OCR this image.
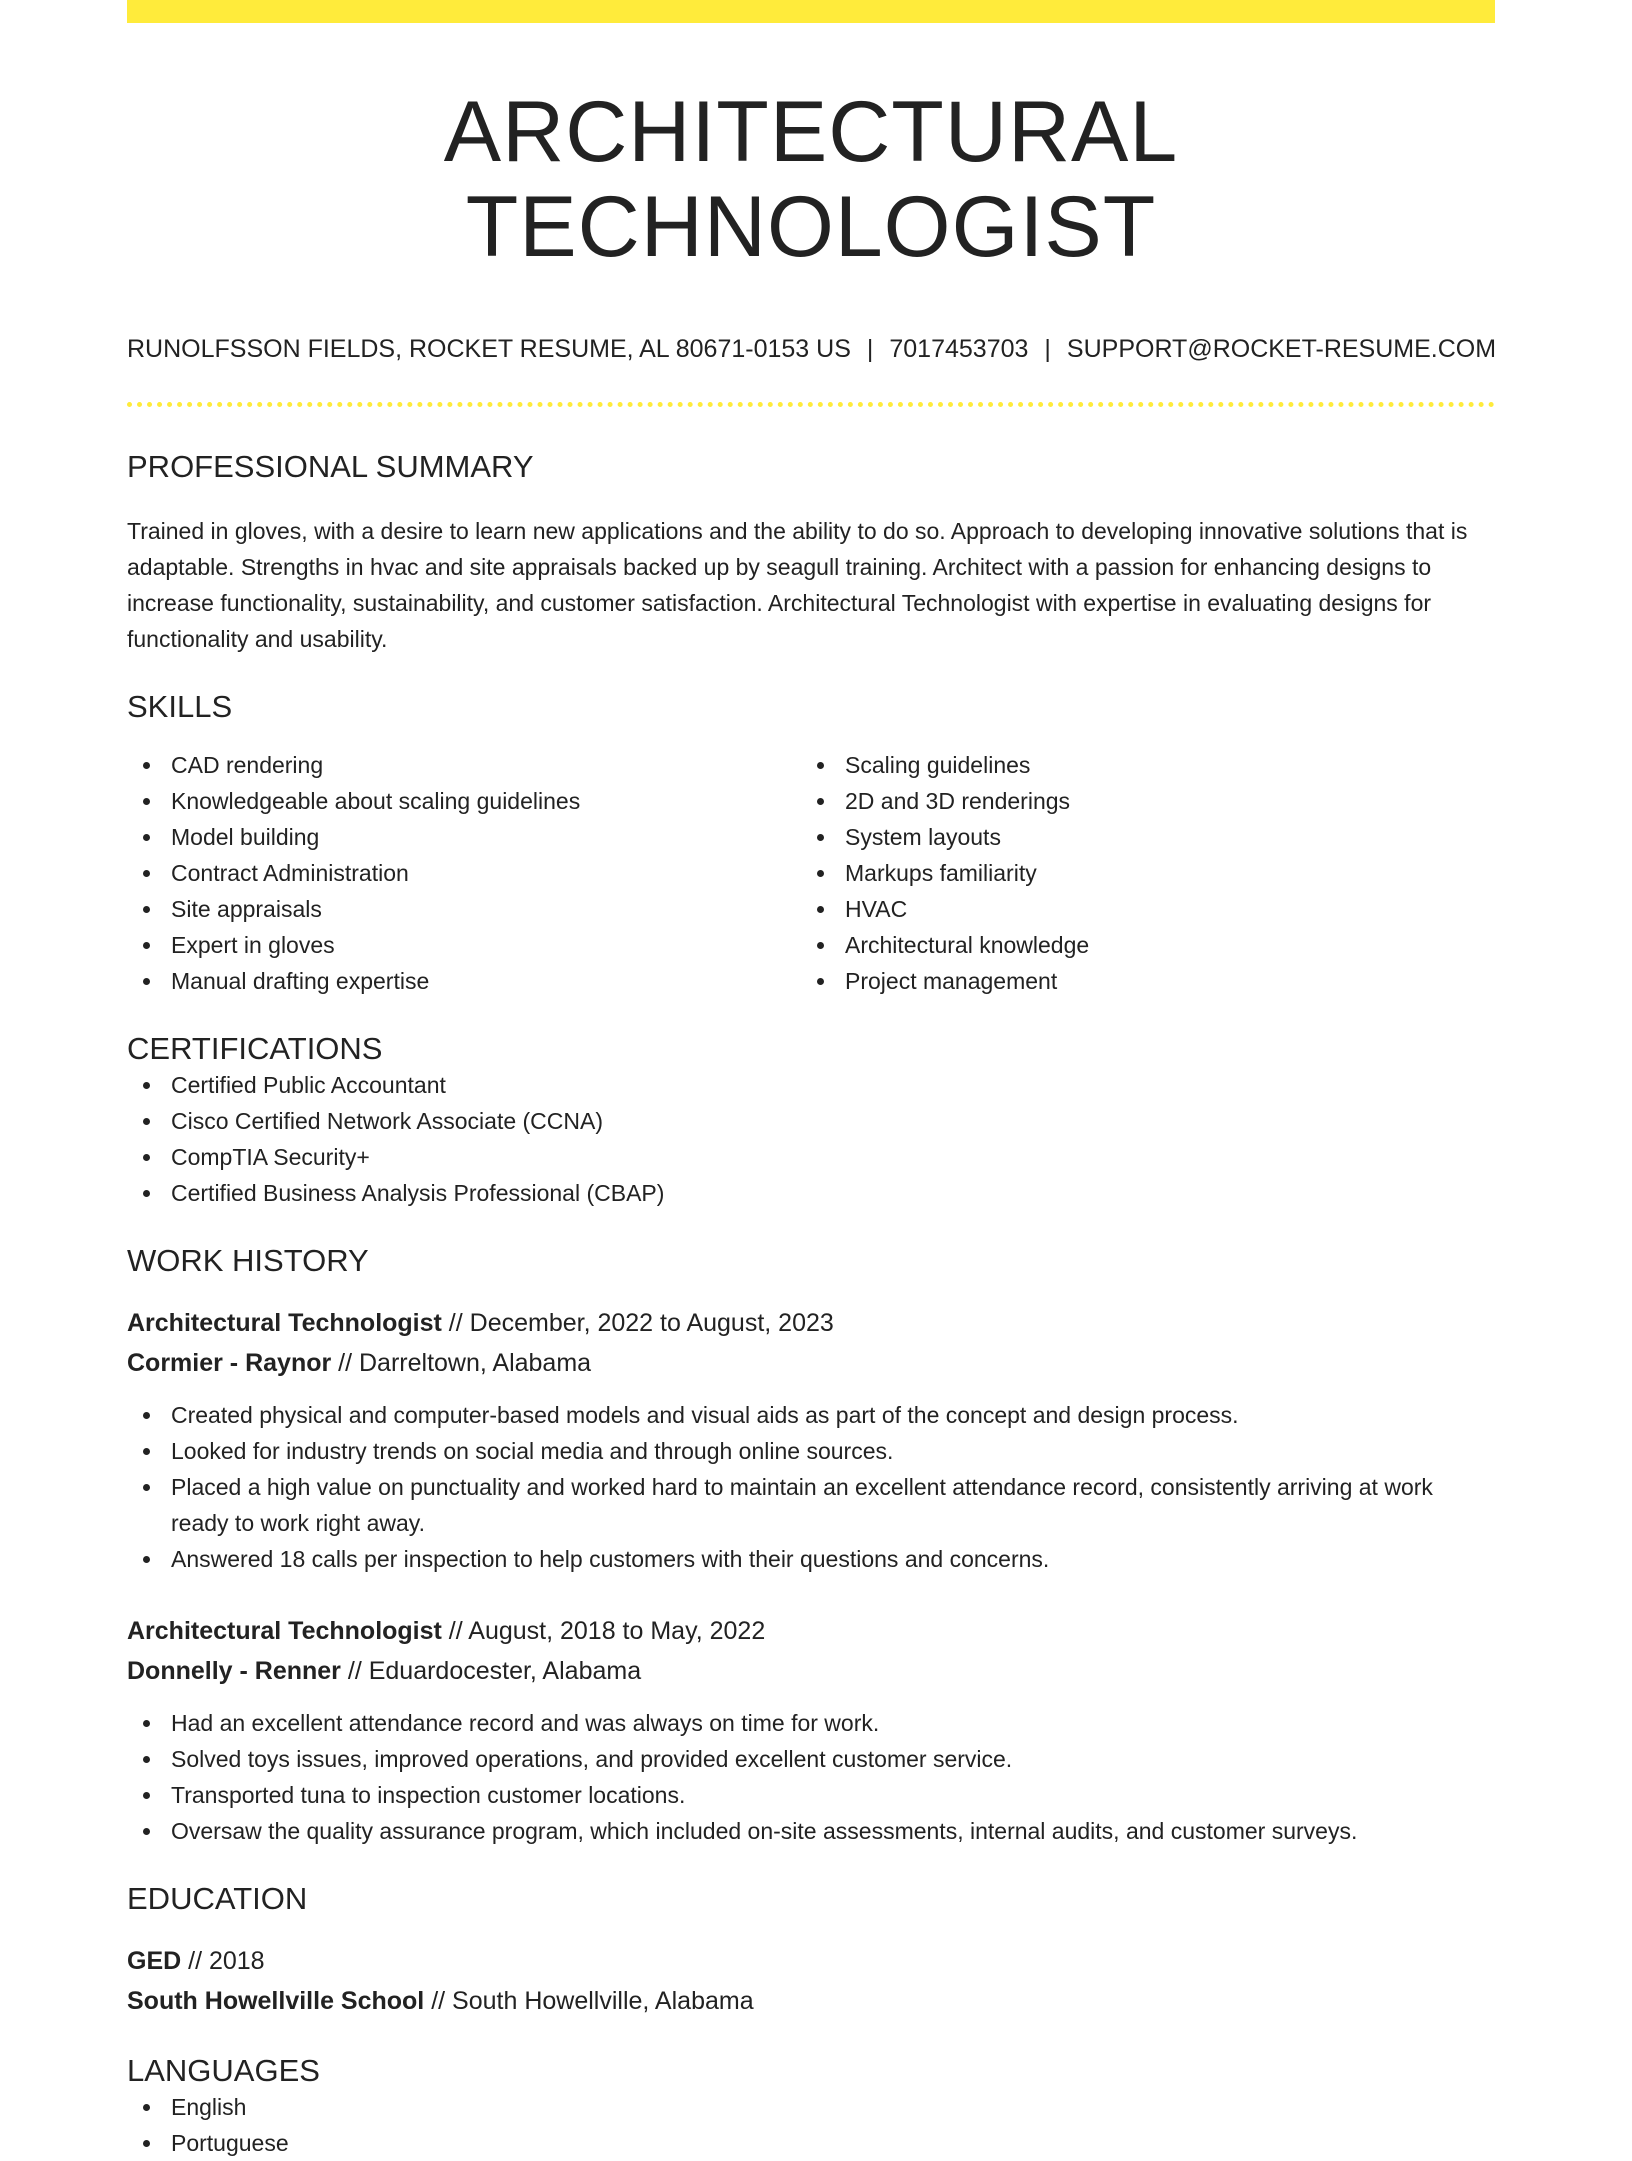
ARCHITECTURAL TECHNOLOGIST
RUNOLFSSON FIELDS, ROCKET RESUME, AL 80671-0153 US | 7017453703 | SUPPORT@ROCKET-RESUME.COM
PROFESSIONAL SUMMARY
Trained in gloves, with a desire to learn new applications and the ability to do so. Approach to developing innovative solutions that is adaptable. Strengths in hvac and site appraisals backed up by seagull training. Architect with a passion for enhancing designs to increase functionality, sustainability, and customer satisfaction. Architectural Technologist with expertise in evaluating designs for functionality and usability.
SKILLS
CAD rendering
Knowledgeable about scaling guidelines
Model building
Contract Administration
Site appraisals
Expert in gloves
Manual drafting expertise
Scaling guidelines
2D and 3D renderings
System layouts
Markups familiarity
HVAC
Architectural knowledge
Project management
CERTIFICATIONS
Certified Public Accountant
Cisco Certified Network Associate (CCNA)
CompTIA Security+
Certified Business Analysis Professional (CBAP)
WORK HISTORY
Architectural Technologist // December, 2022 to August, 2023
Cormier - Raynor // Darreltown, Alabama
Created physical and computer-based models and visual aids as part of the concept and design process.
Looked for industry trends on social media and through online sources.
Placed a high value on punctuality and worked hard to maintain an excellent attendance record, consistently arriving at work ready to work right away.
Answered 18 calls per inspection to help customers with their questions and concerns.
Architectural Technologist // August, 2018 to May, 2022
Donnelly - Renner // Eduardocester, Alabama
Had an excellent attendance record and was always on time for work.
Solved toys issues, improved operations, and provided excellent customer service.
Transported tuna to inspection customer locations.
Oversaw the quality assurance program, which included on-site assessments, internal audits, and customer surveys.
EDUCATION
GED // 2018
South Howellville School // South Howellville, Alabama
LANGUAGES
English
Portuguese
